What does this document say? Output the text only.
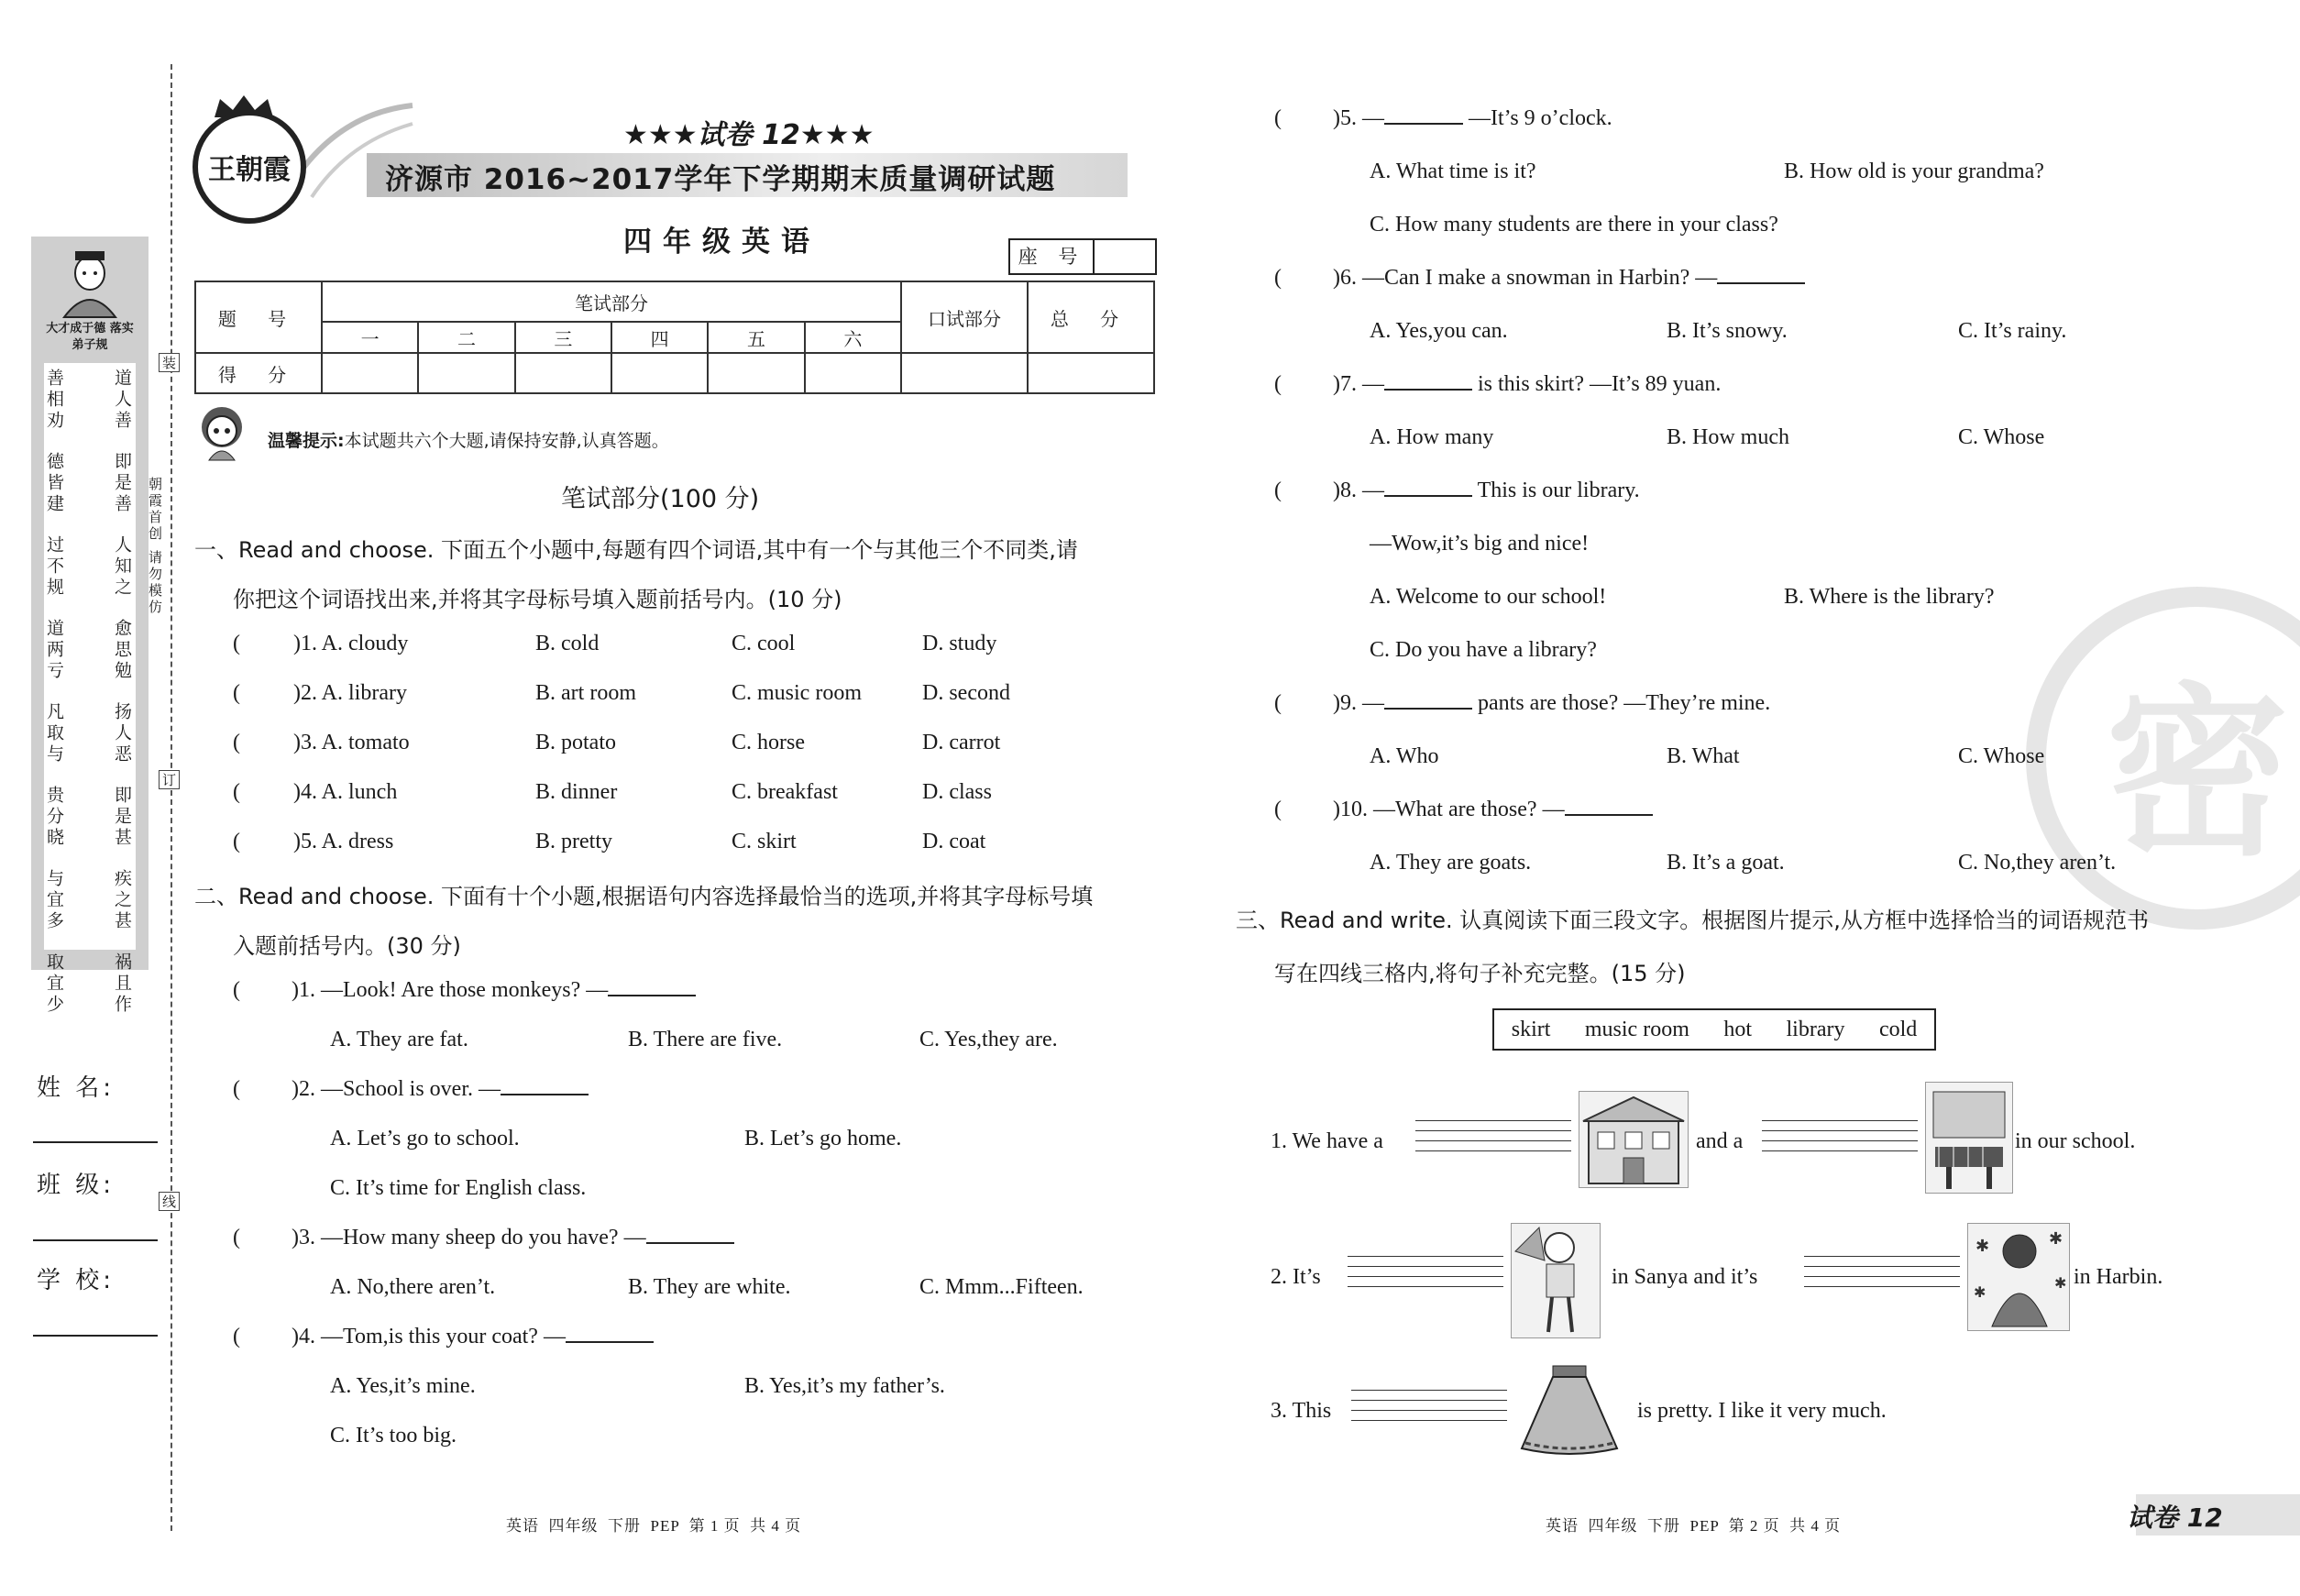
大才成于德 落实弟子规
道人善
即是善
人知之
愈思勉
扬人恶
即是甚
疾之甚
祸且作
善相劝
德皆建
过不规
道两亏
凡取与
贵分晓
与宜多
取宜少
朝霞首创 请勿模仿
装
订
线
姓 名:
班 级:
学 校:
王朝霞
★★★试卷 12★★★
济源市 2016~2017学年下学期期末质量调研试题
四年级英语	座 号
题 号	笔试部分						口试部分	总 分
	一	二	三	四	五	六		
得 分								
温馨提示:本试题共六个大题,请保持安静,认真答题。
笔试部分(100 分)
一、Read and choose. 下面五个小题中,每题有四个词语,其中有一个与其他三个不同类,请
你把这个词语找出来,并将其字母标号填入题前括号内。(10 分)
( )1. A. cloudy	B. cold	C. cool	D. study
( )2. A. library	B. art room	C. music room	D. second
( )3. A. tomato	B. potato	C. horse	D. carrot
( )4. A. lunch	B. dinner	C. breakfast	D. class
( )5. A. dress	B. pretty	C. skirt	D. coat
二、Read and choose. 下面有十个小题,根据语句内容选择最恰当的选项,并将其字母标号填
入题前括号内。(30 分)
( )1. —Look! Are those monkeys? —
A. They are fat.	B. There are five.	C. Yes,they are.
( )2. —School is over. —
A. Let’s go to school.	B. Let’s go home.
C. It’s time for English class.
( )3. —How many sheep do you have? —
A. No,there aren’t.	B. They are white.	C. Mmm...Fifteen.
( )4. —Tom,is this your coat? —
A. Yes,it’s mine.	B. Yes,it’s my father’s.
C. It’s too big.
英语  四年级  下册  PEP  第 1 页  共 4 页
密
( )5. —	—It’s 9 o’clock.
A. What time is it?	B. How old is your grandma?
C. How many students are there in your class?
( )6. —Can I make a snowman in Harbin? —
A. Yes,you can.	B. It’s snowy.	C. It’s rainy.
( )7. —	is this skirt? —It’s 89 yuan.
A. How many	B. How much	C. Whose
( )8. —	This is our library.
—Wow,it’s big and nice!
A. Welcome to our school!	B. Where is the library?
C. Do you have a library?
( )9. —	pants are those? —They’re mine.
A. Who	B. What	C. Whose
( )10. —What are those? —
A. They are goats.	B. It’s a goat.	C. No,they aren’t.
三、Read and write. 认真阅读下面三段文字。根据图片提示,从方框中选择恰当的词语规范书
写在四线三格内,将句子补充完整。(15 分)
skirt music room hot library cold
1. We have a	and a	in our school.
2. It’s	in Sanya and it’s
✱	✱
✱
✱
in Harbin.
3. This	is pretty. I like it very much.
英语  四年级  下册  PEP  第 2 页  共 4 页	试卷 12
